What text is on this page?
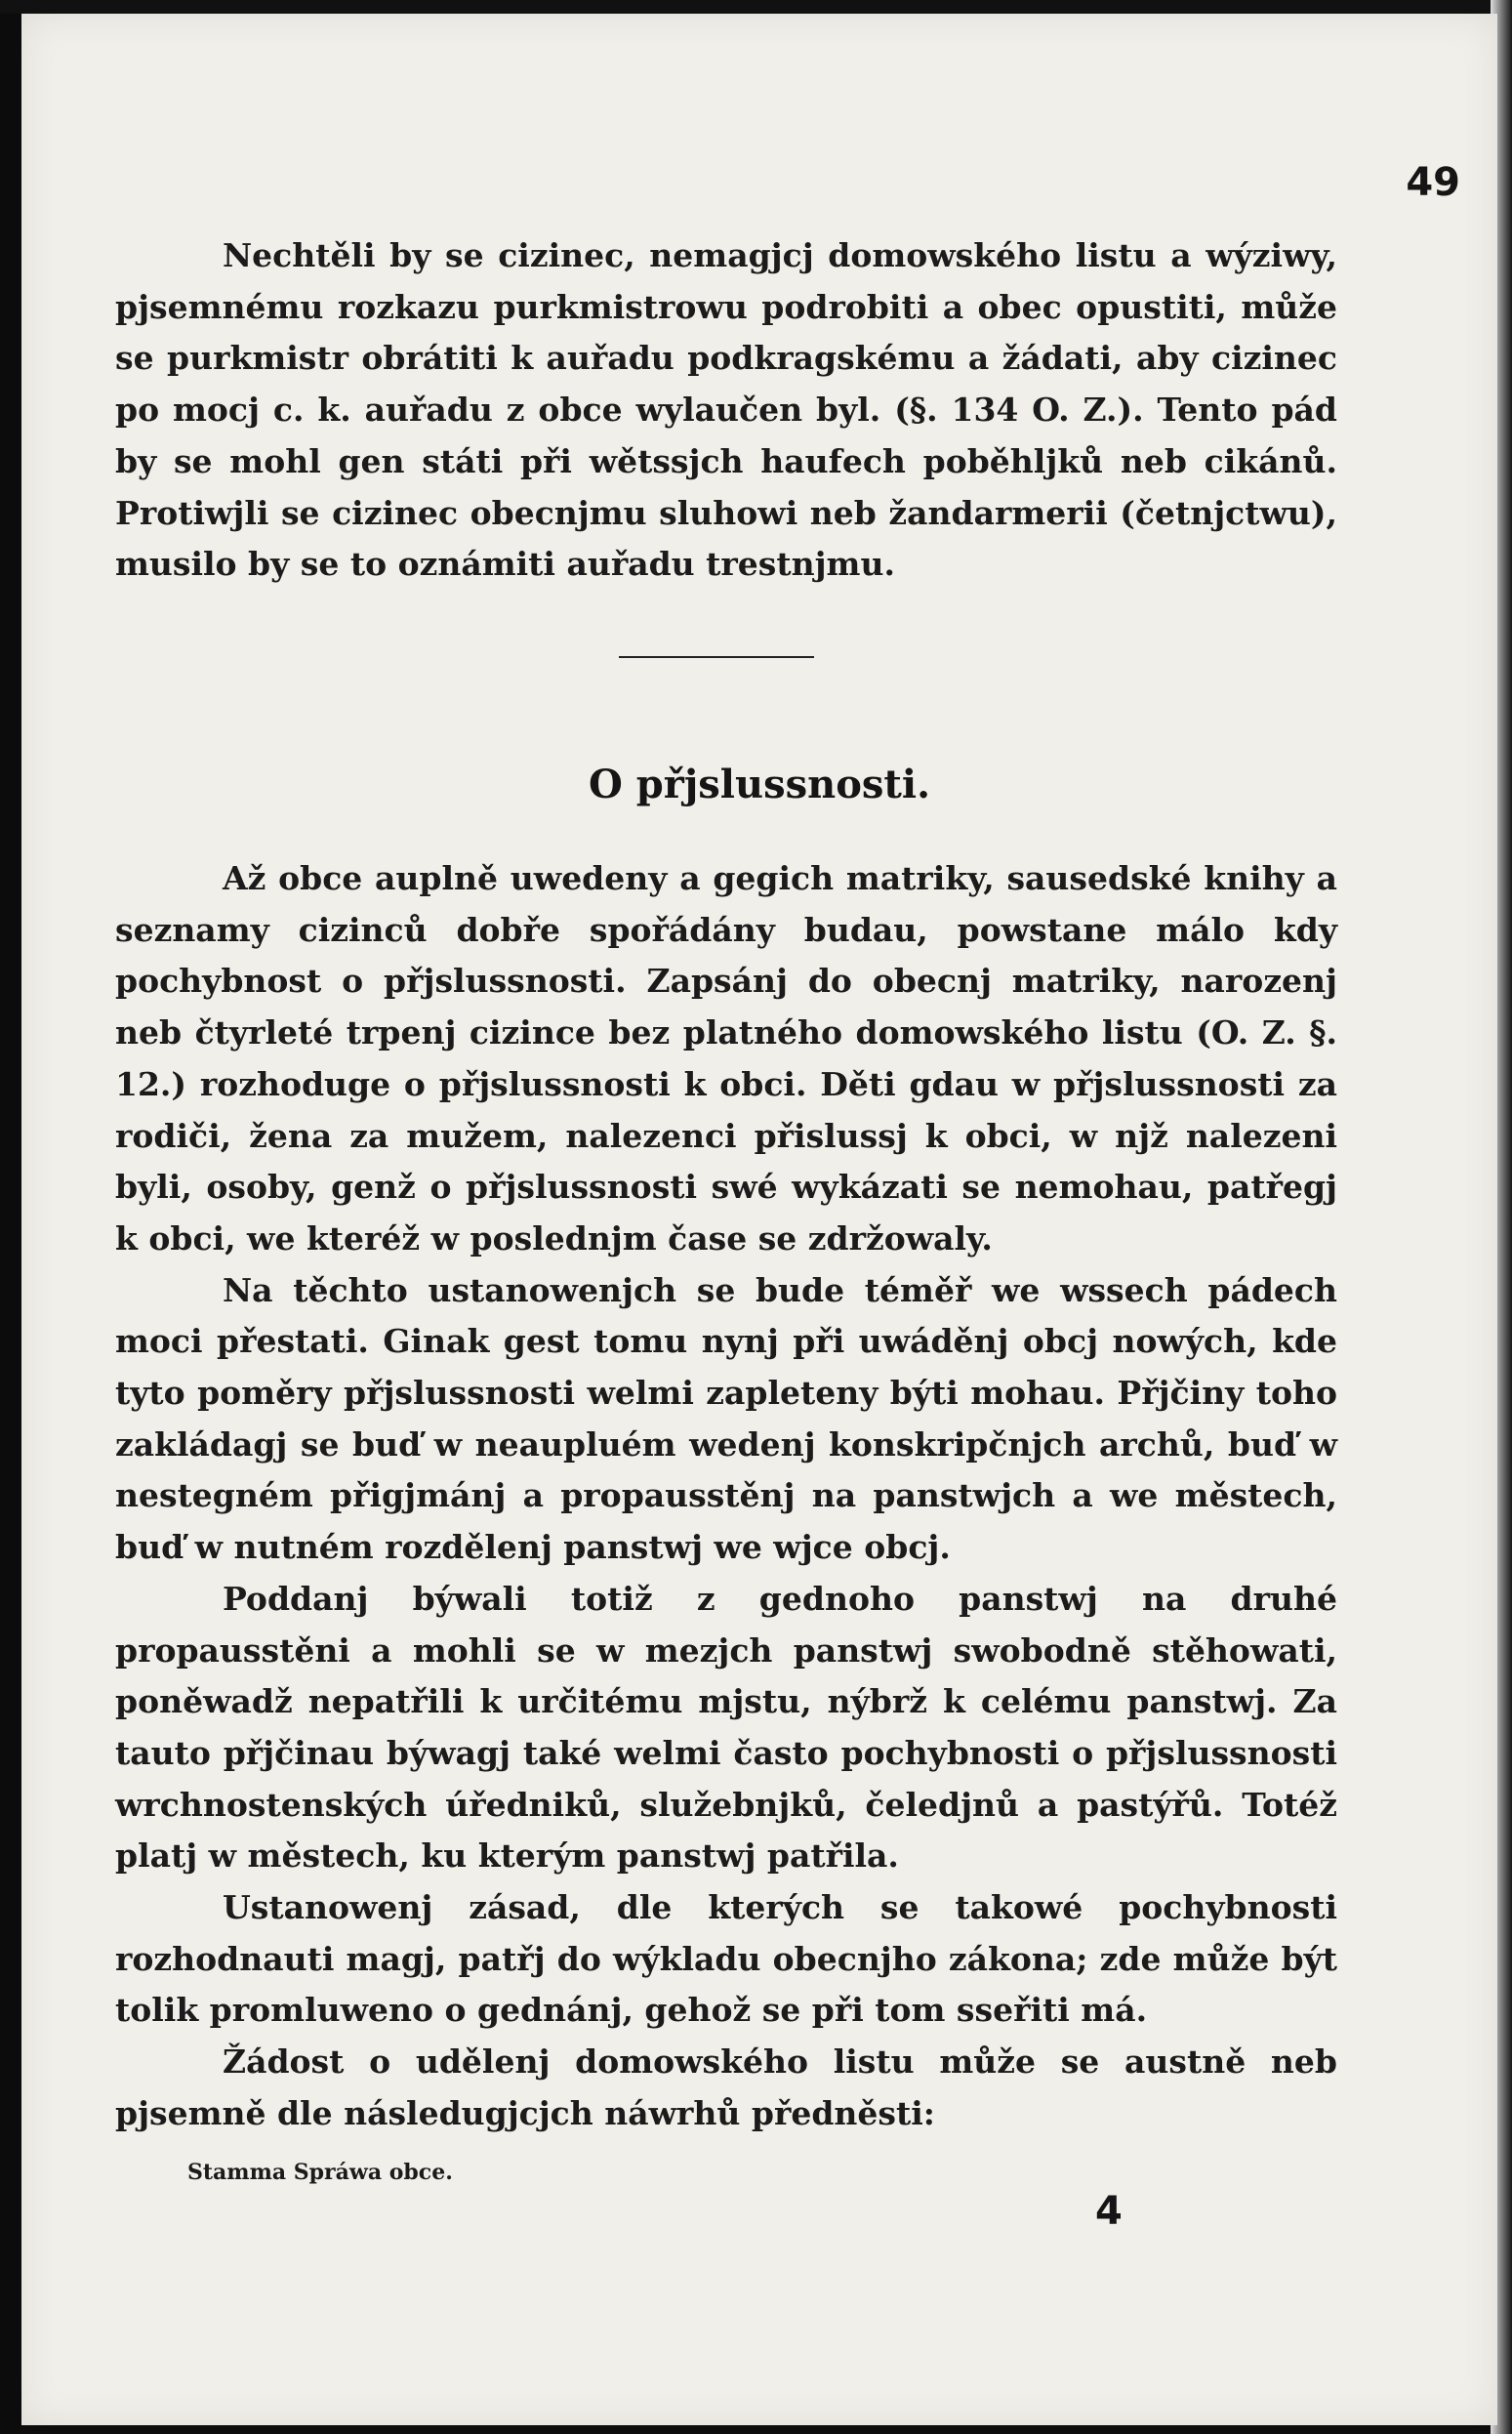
49

Nechtěli by se cizinec, nemagjcj domowského listu a wýziwy, pjsemnému rozkazu purkmistrowu podrobiti a obec opustiti, může se purkmistr obrátiti k auřadu podkragskému a žádati, aby cizinec po mocj c. k. auřadu z obce wylaučen byl. (§. 134 O. Z.). Tento pád by se mohl gen státi při wětssjch haufech poběhljků neb cikánů. Protiwjli se cizinec obecnjmu sluhowi neb žandarmerii (četnjctwu), musilo by se to oznámiti auřadu trestnjmu.

O přjslussnosti.

Až obce auplně uwedeny a gegich matriky, sausedské knihy a seznamy cizinců dobře spořádány budau, powstane málo kdy pochybnost o přjslussnosti. Zapsánj do obecnj matriky, narozenj neb čtyrleté trpenj cizince bez platného domowského listu (O. Z. §. 12.) rozhoduge o přjslussnosti k obci. Děti gdau w přjslussnosti za rodiči, žena za mužem, nalezenci přislussj k obci, w njž nalezeni byli, osoby, genž o přjslussnosti swé wykázati se nemohau, patřegj k obci, we kteréž w poslednjm čase se zdržowaly.

Na těchto ustanowenjch se bude téměř we wssech pádech moci přestati. Ginak gest tomu nynj při uwáděnj obcj nowých, kde tyto poměry přjslussnosti welmi zapleteny býti mohau. Přjčiny toho zakládagj se buď w neaupluém wedenj konskripčnjch archů, buď w nestegném přigjmánj a propausstěnj na panstwjch a we městech, buď w nutném rozdělenj panstwj we wjce obcj.

Poddanj býwali totiž z gednoho panstwj na druhé propausstěni a mohli se w mezjch panstwj swobodně stěhowati, poněwadž nepatřili k určitému mjstu, nýbrž k celému panstwj. Za tauto přjčinau býwagj také welmi často pochybnosti o přjslussnosti wrchnostenských úředniků, služebnjků, čeledjnů a pastýřů. Totéž platj w městech, ku kterým panstwj patřila.

Ustanowenj zásad, dle kterých se takowé pochybnosti rozhodnauti magj, patřj do wýkladu obecnjho zákona; zde může být tolik promluweno o gednánj, gehož se při tom sseřiti má.

Žádost o udělenj domowského listu může se austně neb pjsemně dle následugjcjch náwrhů předněsti:

Stamma Spráwa obce.
4
